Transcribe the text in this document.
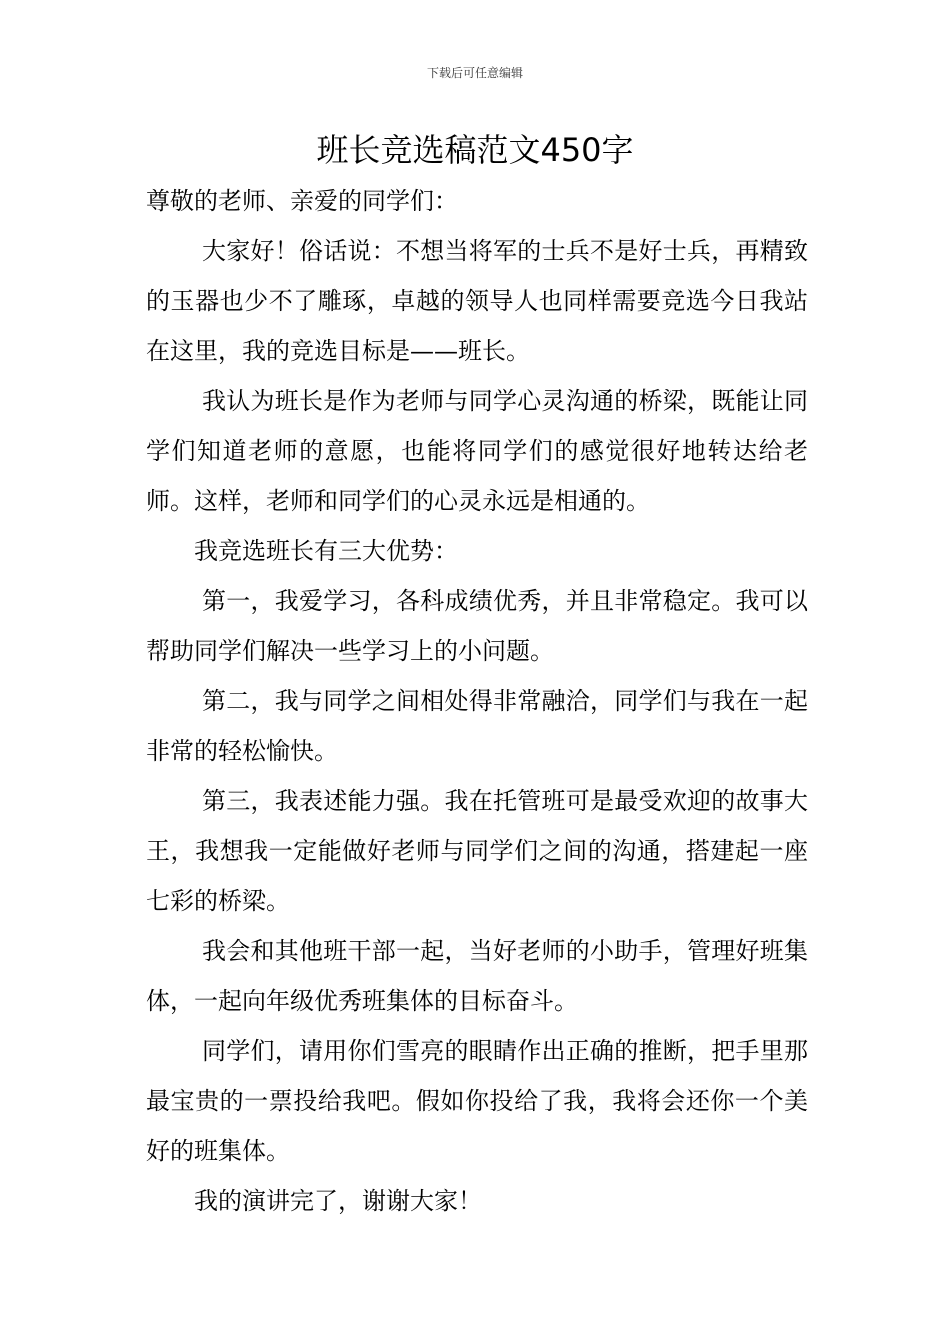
下载后可任意编辑
班长竞选稿范文450字

尊敬的老师、亲爱的同学们：

大家好！俗话说：不想当将军的士兵不是好士兵，再精致的玉器也少不了雕琢，卓越的领导人也同样需要竞选今日我站在这里，我的竞选目标是——班长。

我认为班长是作为老师与同学心灵沟通的桥梁，既能让同学们知道老师的意愿，也能将同学们的感觉很好地转达给老师。这样，老师和同学们的心灵永远是相通的。

我竞选班长有三大优势：

第一，我爱学习，各科成绩优秀，并且非常稳定。我可以帮助同学们解决一些学习上的小问题。

第二，我与同学之间相处得非常融洽，同学们与我在一起非常的轻松愉快。

第三，我表述能力强。我在托管班可是最受欢迎的故事大王，我想我一定能做好老师与同学们之间的沟通，搭建起一座七彩的桥梁。

我会和其他班干部一起，当好老师的小助手，管理好班集体，一起向年级优秀班集体的目标奋斗。

同学们，请用你们雪亮的眼睛作出正确的推断，把手里那最宝贵的一票投给我吧。假如你投给了我，我将会还你一个美好的班集体。

我的演讲完了，谢谢大家！
